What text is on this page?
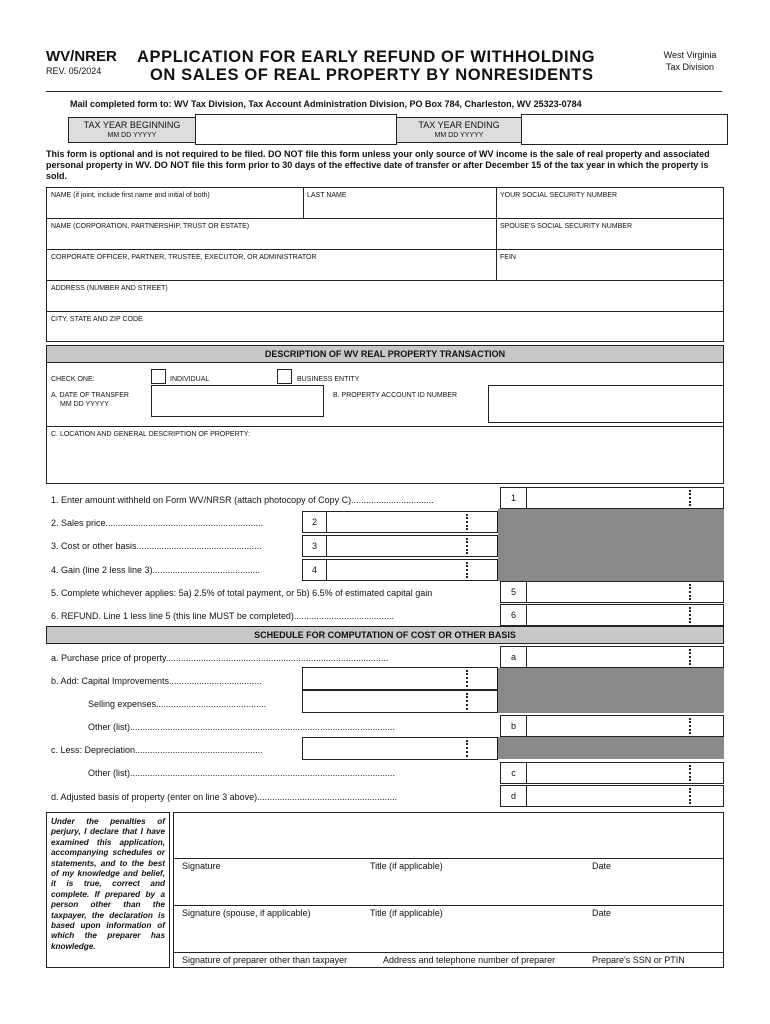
WV/NRER
REV. 05/2024
APPLICATION FOR EARLY REFUND OF WITHHOLDING
ON SALES OF REAL PROPERTY BY NONRESIDENTS
West Virginia
Tax Division
Mail completed form to: WV Tax Division, Tax Account Administration Division, PO Box 784, Charleston, WV 25323-0784
TAX YEAR BEGINNING
MM DD YYYYY
TAX YEAR ENDING
MM DD YYYYY
This form is optional and is not required to be filed. DO NOT file this form unless your only source of WV income is the sale of real property and associated personal property in WV. DO NOT file this form prior to 30 days of the effective date of transfer or after December 15 of the tax year in which the property is sold.
NAME (if joint, include first name and initial of both)	LAST NAME	YOUR SOCIAL SECURITY NUMBER
NAME (CORPORATION, PARTNERSHIP, TRUST OR ESTATE)	SPOUSE'S SOCIAL SECURITY NUMBER
CORPORATE OFFICER, PARTNER, TRUSTEE, EXECUTOR, OR ADMINISTRATOR	FEIN
ADDRESS (NUMBER AND STREET)
CITY, STATE AND ZIP CODE
DESCRIPTION OF WV REAL PROPERTY TRANSACTION
CHECK ONE:	INDIVIDUAL	BUSINESS ENTITY
A. DATE OF TRANSFER
MM DD YYYYY
B. PROPERTY ACCOUNT ID NUMBER
C. LOCATION AND GENERAL DESCRIPTION OF PROPERTY:
1. Enter amount withheld on Form WV/NRSR (attach photocopy of Copy C).................................	1
2. Sales price...............................................................	2
3. Cost or other basis..................................................	3
4. Gain (line 2 less line 3)...........................................	4
5. Complete whichever applies: 5a) 2.5% of total payment, or 5b) 6.5% of estimated capital gain	5
6. REFUND. Line 1 less line 5 (this line MUST be completed)........................................	6
SCHEDULE FOR COMPUTATION OF COST OR OTHER BASIS
a. Purchase price of property.........................................................................................	a
b. Add: Capital Improvements.....................................
Selling expenses............................................
Other (list)..........................................................................................................	b
c. Less: Depreciation...................................................
Other (list)..........................................................................................................	c
d. Adjusted basis of property (enter on line 3 above)........................................................	d
Under the penalties of perjury, I declare that I have examined this application, accompanying schedules or statements, and to the best of my knowledge and belief, it is true, correct and complete. If prepared by a person other than the taxpayer, the declaration is based upon information of which the preparer has knowledge.
Signature	Title (if applicable)	Date
Signature (spouse, if applicable)	Title (if applicable)	Date
Signature of preparer other than taxpayer	Address and telephone number of preparer	Prepare's SSN or PTIN
